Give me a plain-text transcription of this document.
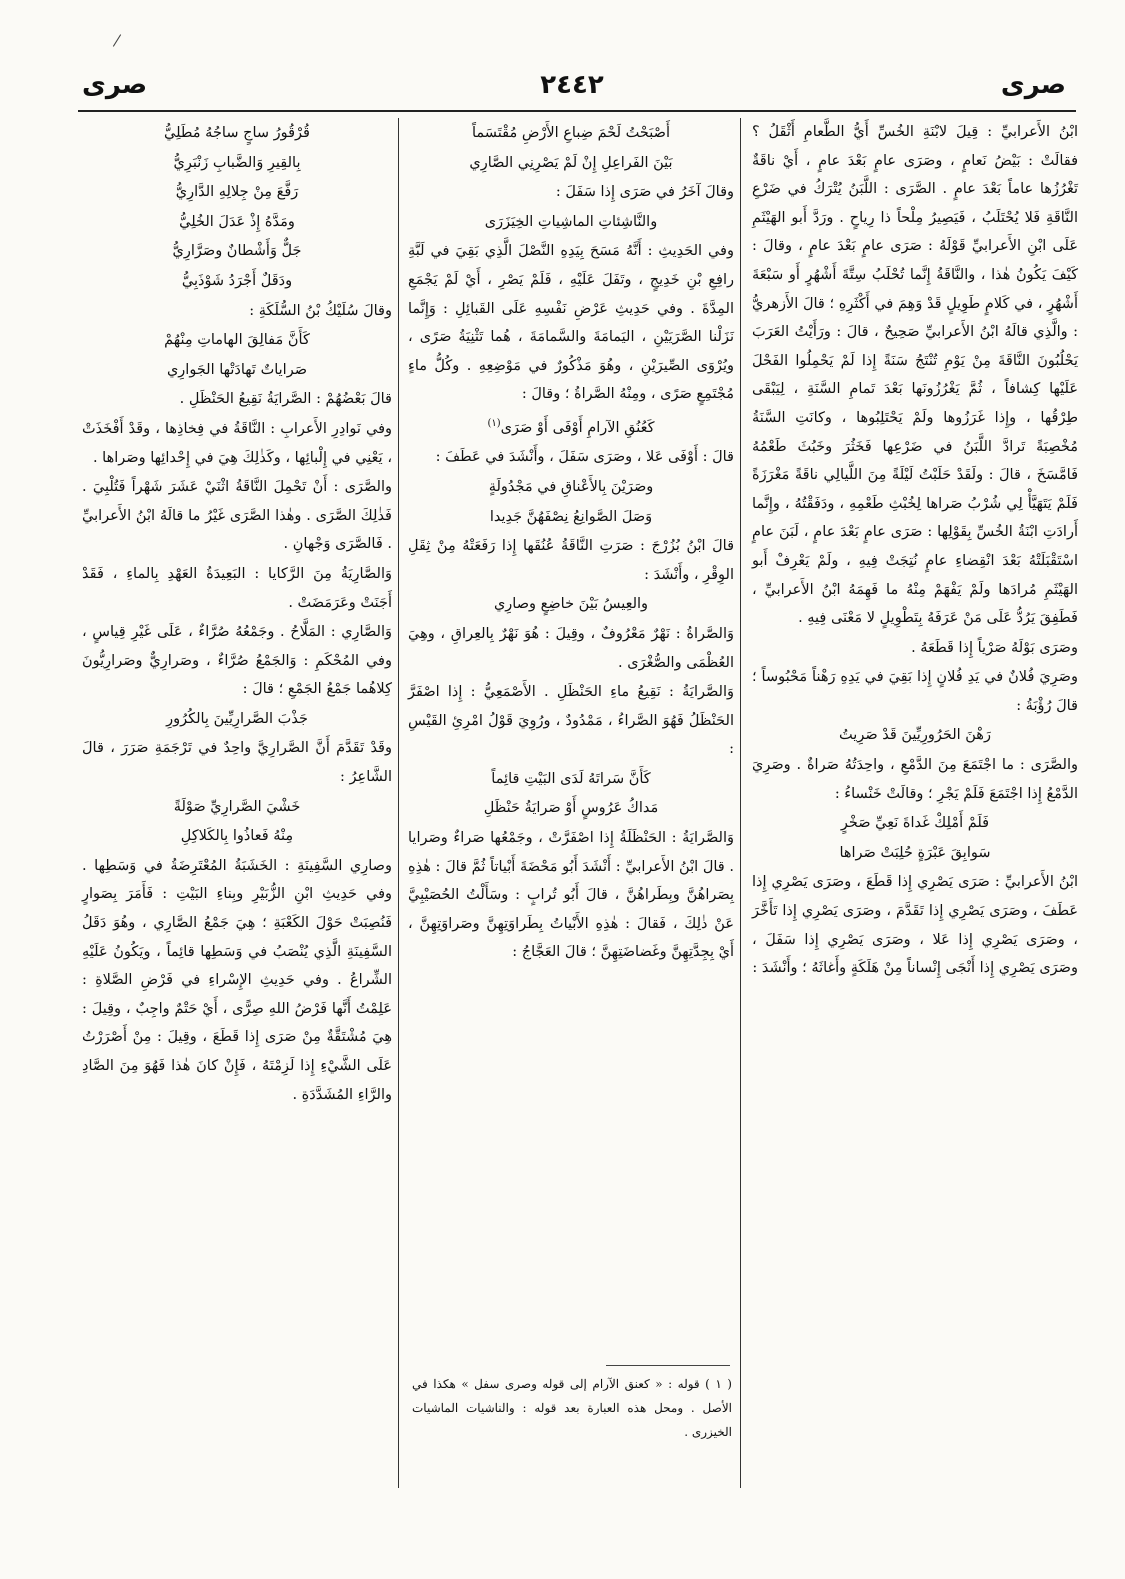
صرى	٢٤٤٢	صرى

ابْنُ الأَعرابيِّ : قِيلَ لابْنَةِ الخُسِّ أَيُّ الطَّعامِ أَثْقَلُ ؟ فقالَتْ : بَيْضُ نَعامٍ ، وصَرَى عامٍ بَعْدَ عامٍ ، أَيْ ناقَةٌ تَغْرُزُها عاماً بَعْدَ عامٍ . الصَّرَى : اللَّبَنُ يُتْرَكُ في ضَرْعِ النَّاقَةِ فَلا يُحْتَلَبُ ، فَيَصِيرُ مِلْحاً ذا رِياحٍ . ورَدَّ أَبو الهَيْثَمِ عَلَى ابْنِ الأَعرابيِّ قَوْلَهُ : صَرَى عامٍ بَعْدَ عامٍ ، وقالَ : كَيْفَ يَكُونُ هٰذا ، والنَّاقَةُ إِنَّما تُحْلَبُ سِتَّةَ أَشْهُرٍ أَو سَبْعَةَ أَشْهُرٍ ، في كَلامٍ طَوِيلٍ قَدْ وَهِمَ في أَكْثَرِهِ ؛ قالَ الأَزهريُّ : والَّذِي قالَهُ ابْنُ الأَعرابيِّ صَحِيحٌ ، قالَ : ورَأَيْتُ العَرَبَ يَحْلُبُونَ النَّاقَةَ مِنْ يَوْمِ تُنْتَجُ سَنَةً إِذا لَمْ يَحْمِلُوا الفَحْلَ عَلَيْها كِشافاً ، ثُمَّ يَغْرُزُونَها بَعْدَ تَمامِ السَّنَةِ ، لِيَبْقَى طِرْقُها ، وإِذا غَرَزُوها ولَمْ يَحْتَلِبُوها ، وكانَتِ السَّنَةُ مُخْصِبَةً تَرادَّ اللَّبَنُ في ضَرْعِها فَخَثُرَ وخَبُثَ طَعْمُهُ فَامَّسَخَ ، قالَ : ولَقَدْ حَلَبْتُ لَيْلَةً مِنَ اللَّيالِي ناقَةً مَغْرَزَةً فَلَمْ يَتَهَيَّأْ لِي شُرْبُ صَراها لِخُبْثِ طَعْمِهِ ، ودَفَقْتُهُ ، وإِنَّما أَرادَتِ ابْنَةُ الخُسِّ بِقَوْلِها : صَرَى عامٍ بَعْدَ عامٍ ، لَبَنَ عامٍ اسْتَقْبَلَتْهُ بَعْدَ انْقِضاءِ عامٍ نُتِجَتْ فِيهِ ، ولَمْ يَعْرِفْ أَبو الهَيْثَمِ مُرادَها ولَمْ يَفْهَمْ مِنْهُ ما فَهِمَهُ ابْنُ الأَعرابيِّ ، فَطَفِقَ يَرُدُّ عَلَى مَنْ عَرَفَهُ بِتَطْوِيلٍ لا مَعْنَى فِيهِ .

وصَرَى بَوْلَهُ صَرْياً إِذا قَطَعَهُ .

وصَرِيَ فُلانٌ في يَدِ فُلانٍ إِذا بَقِيَ في يَدِهِ رَهْناً مَحْبُوساً ؛ قالَ رُؤْبَةُ :

رَهْنَ الحَرُورِيِّينَ قَدْ صَرِيتُ

والصَّرَى : ما اجْتَمَعَ مِنَ الدَّمْعِ ، واحِدَتُهُ صَراةٌ . وصَرِيَ الدَّمْعُ إِذا اجْتَمَعَ فَلَمْ يَجْرِ ؛ وقالَتْ خَنْساءُ :

فَلَمْ أَمْلِكْ غَداةَ نَعِيِّ صَخْرٍ

سَوابِقَ عَبْرَةٍ حُلِبَتْ صَراها

ابْنُ الأَعرابيِّ : صَرَى يَصْرِي إِذا قَطَعَ ، وصَرَى يَصْرِي إِذا عَطَفَ ، وصَرَى يَصْرِي إِذا تَقَدَّمَ ، وصَرَى يَصْرِي إِذا تَأَخَّرَ ، وصَرَى يَصْرِي إِذا عَلا ، وصَرَى يَصْرِي إِذا سَفَلَ ، وصَرَى يَصْرِي إِذا أَنْجَى إِنْساناً مِنْ هَلَكَةٍ وأَغاثَهُ ؛ وأَنْشَدَ :

أَصْبَحْتُ لَحْمَ ضِباعِ الأَرْضِ مُقْتَسَماً

بَيْنَ الفَراعِلِ إِنْ لَمْ يَصْرِنِي الصَّارِي

وقالَ آخَرُ في صَرَى إِذا سَفَلَ :

والنَّاشِئاتِ الماشِياتِ الخِيَزَرَى

وفي الحَدِيثِ : أَنَّهُ مَسَحَ بِيَدِهِ النَّصْلَ الَّذِي بَقِيَ في لَبَّةِ رافِعِ بْنِ خَدِيجٍ ، وتَفَلَ عَلَيْهِ ، فَلَمْ يَصْرِ ، أَيْ لَمْ يَجْمَعِ المِدَّةَ . وفي حَدِيثِ عَرْضِ نَفْسِهِ عَلَى القَبائِلِ : وَإِنَّما نَزَلْنا الصَّرَيَيْنِ ، اليَمامَةَ والسَّمامَةَ ، هُما تَثْنِيَةُ صَرًى ، ويُرْوَى الصِّيرَيْنِ ، وهُوَ مَذْكُورٌ في مَوْضِعِهِ . وكُلُّ ماءٍ مُجْتَمِعٍ صَرًى ، ومِنْهُ الصَّراةُ ؛ وقالَ :

كَعُنُقِ الآرامِ أَوْفَى أَوْ صَرَى$^{(١)}$

قالَ : أَوْفَى عَلا ، وصَرَى سَفَلَ ، وأَنْشَدَ في عَطَفَ :

وصَرَيْنَ بِالأَعْناقِ في مَجْدُولَةٍ

وَصَلَ الصَّوانِعُ نِصْفَهُنَّ جَدِيدا

قالَ ابْنُ بُزُرْجَ : صَرَتِ النَّاقَةُ عُنُقَها إِذا رَفَعَتْهُ مِنْ ثِقَلِ الوِقْرِ ، وأَنْشَدَ :

والعِيسُ بَيْنَ خاضِعٍ وصارِي

وَالصَّراةُ : نَهْرٌ مَعْرُوفٌ ، وقِيلَ : هُوَ نَهْرٌ بِالعِراقِ ، وهِيَ العُظْمَى والصُّغْرَى .

وَالصَّرايَةُ : نَقِيعُ ماءِ الحَنْظَلِ . الأَصْمَعِيُّ : إِذا اصْفَرَّ الحَنْظَلُ فَهُوَ الصَّراءُ ، مَمْدُودٌ ، ورُوِيَ قَوْلُ امْرِئِ القَيْسِ :

كَأَنَّ سَراتَهُ لَدَى البَيْتِ قائِماً

مَداكُ عَرُوسٍ أَوْ صَرايَةُ حَنْظَلِ

وَالصَّرايَةُ : الحَنْظَلَةُ إِذا اصْفَرَّتْ ، وجَمْعُها صَراءٌ وصَرايا . قالَ ابْنُ الأَعرابيِّ : أَنْشَدَ أَبُو مَحْضَةَ أَبْياتاً ثُمَّ قالَ : هٰذِهِ بِصَراهُنَّ وبِطَراهُنَّ ، قالَ أَبُو تُرابٍ : وسَأَلْتُ الحُصَيْبِيَّ عَنْ ذٰلِكَ ، فَقالَ : هٰذِهِ الأَبْياتُ بِطَراوَتِهِنَّ وصَراوَتِهِنَّ ، أَيْ بِجِدَّتِهِنَّ وغَضاضَتِهِنَّ ؛ قالَ العَجَّاجُ :

قُرْقُورُ ساجٍ ساجُهُ مُطَلِيُّ

بِالقِيرِ وَالضَّبابِ زَنْبَرِيُّ

رَفَّعَ مِنْ جِلالِهِ الدَّارِيُّ

ومَدَّهُ إِذْ عَدَلَ الخُلِيُّ

جَلٌّ وَأَشْطانٌ وصَرَّارِيُّ

ودَقَلٌ أَجْرَدُ شَوْذَبِيُّ

وقالَ سُلَيْكُ بْنُ السُّلَكَةِ :

كَأَنَّ مَفالِقَ الهاماتِ مِنْهُمْ

صَراياتٌ تَهادَتْها الجَوارِي

قالَ بَعْضُهُمْ : الصَّرايَةُ نَقِيعُ الحَنْظَلِ .

وفي نَوادِرِ الأَعرابِ : النَّاقَةُ في فِخاذِها ، وقَدْ أَفْخَذَتْ ، يَعْنِي في إِلْبائِها ، وكَذٰلِكَ هِيَ في إِحْدائِها وصَراها .

والصَّرَى : أَنْ تَحْمِلَ النَّاقَةُ اثْنَيْ عَشَرَ شَهْراً فَتُلْبِيَ . فَذٰلِكَ الصَّرَى . وهٰذا الصَّرَى غَيْرُ ما قالَهُ ابْنُ الأَعرابيِّ . فَالصَّرَى وَجْهانِ .

وَالصَّارِيَةُ مِنَ الرَّكايا : البَعِيدَةُ العَهْدِ بِالماءِ ، فَقَدْ أَجَنَتْ وعَرَمَضَتْ .

وَالصَّارِي : المَلَّاحُ . وجَمْعُهُ صُرَّاءٌ ، عَلَى غَيْرِ قِياسٍ ، وفي المُحْكَمِ : وَالجَمْعُ صُرَّاءٌ ، وصَرارِيٌّ وصَرارِيُّونَ كِلاهُما جَمْعُ الجَمْعِ ؛ قالَ :

جَذْبَ الصَّرارِيِّينَ بِالكُرُورِ

وقَدْ تَقَدَّمَ أَنَّ الصَّرارِيَّ واحِدٌ في تَرْجَمَةِ صَرَرَ ، قالَ الشَّاعِرُ :

خَشْيَ الصَّرارِيِّ صَوْلَةً

مِنْهُ فَعاذُوا بِالكَلاكِلِ

وصارِي السَّفِينَةِ : الخَشَبَةُ المُعْتَرِضَةُ في وَسَطِها . وفي حَدِيثِ ابْنِ الزُّبَيْرِ وبِناءِ البَيْتِ : فَأَمَرَ بِصَوارٍ فَنُصِبَتْ حَوْلَ الكَعْبَةِ ؛ هِيَ جَمْعُ الصَّارِي ، وهُوَ دَقَلُ السَّفِينَةِ الَّذِي يُنْصَبُ في وَسَطِها قائِماً ، ويَكُونُ عَلَيْهِ الشِّراعُ . وفي حَدِيثِ الإِسْراءِ في فَرْضِ الصَّلاةِ : عَلِمْتُ أَنَّها فَرْضُ اللهِ صِرًّى ، أَيْ حَتْمٌ واجِبٌ ، وقِيلَ : هِيَ مُشْتَقَّةٌ مِنْ صَرَى إِذا قَطَعَ ، وقِيلَ : مِنْ أَصْرَرْتُ عَلَى الشَّيْءِ إِذا لَزِمْتَهُ ، فَإِنْ كانَ هٰذا فَهُوَ مِنَ الصَّادِ والرَّاءِ المُشَدَّدَةِ .

( ١ ) قوله : « كعنق الآرام إلى قوله وصرى سفل » هكذا في الأصل . ومحل هذه العبارة بعد قوله : والناشيات الماشيات الخيزرى .
